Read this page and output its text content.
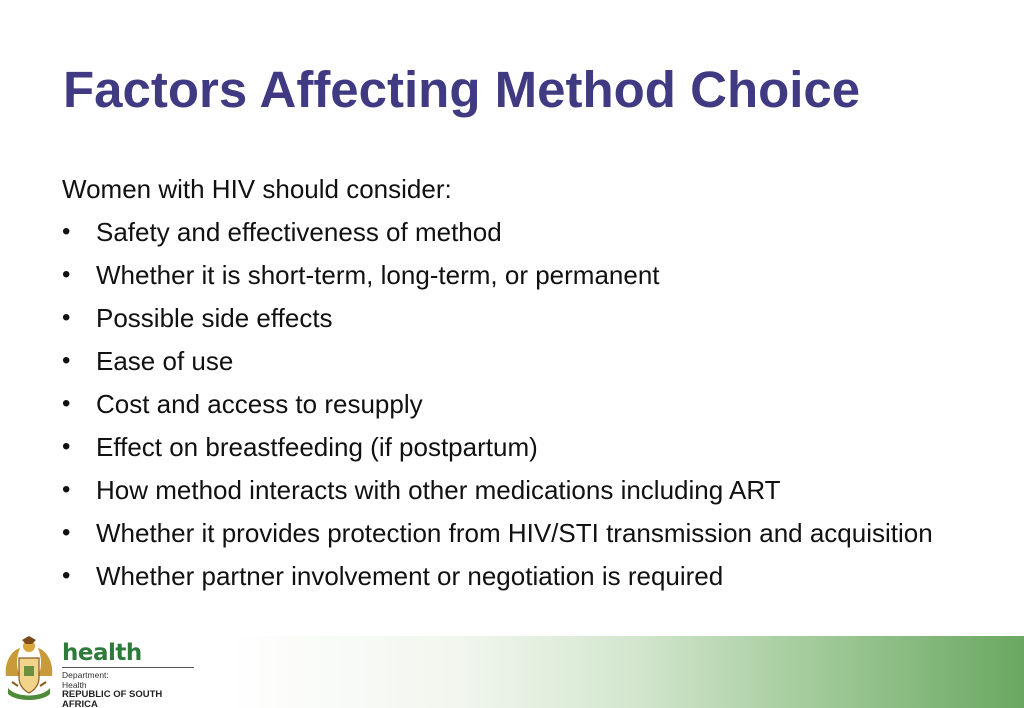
Factors Affecting Method Choice

Women with HIV should consider:

• Safety and effectiveness of method
• Whether it is short-term, long-term, or permanent
• Possible side effects
• Ease of use
• Cost and access to resupply
• Effect on breastfeeding (if postpartum)
• How method interacts with other medications including ART
• Whether it provides protection from HIV/STI transmission and acquisition
• Whether partner involvement or negotiation is required
health
Department:
Health
REPUBLIC OF SOUTH AFRICA
